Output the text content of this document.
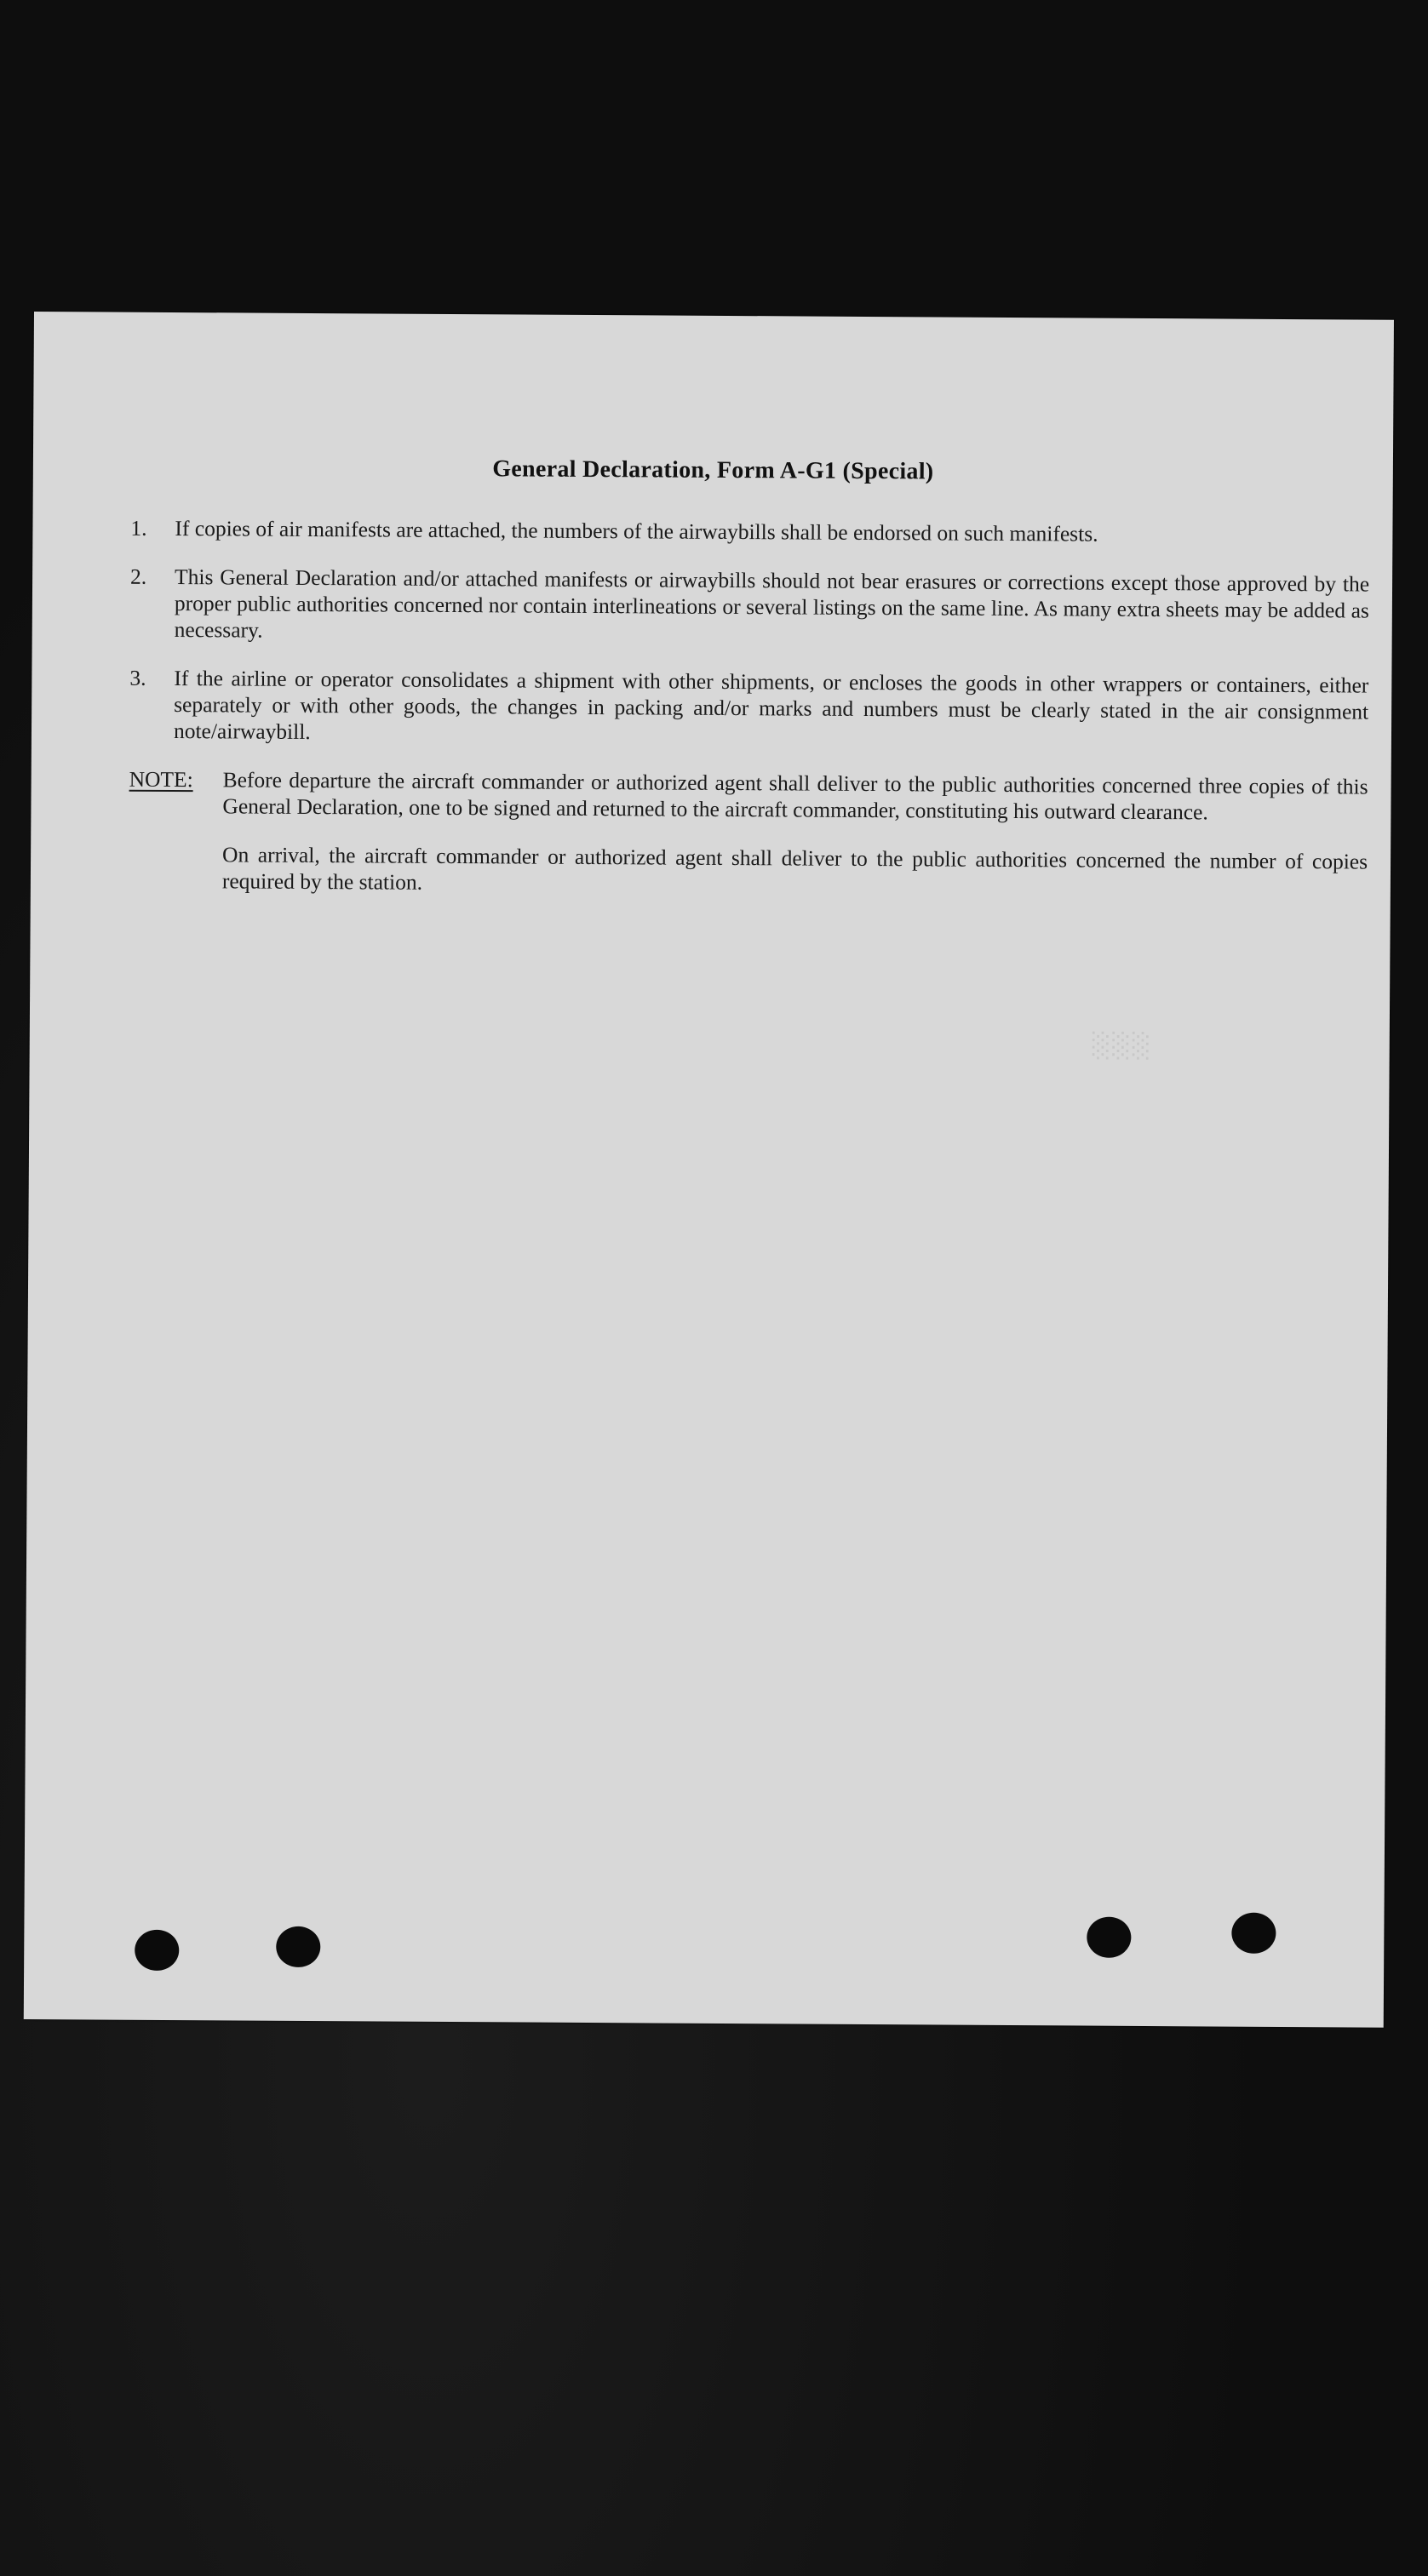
General Declaration, Form A-G1 (Special)
░░░
1.	If copies of air manifests are attached, the numbers of the airwaybills shall be endorsed on such manifests.
2.	This General Declaration and/or attached manifests or airwaybills should not bear erasures or corrections except those approved by the proper public authorities concerned nor contain interlineations or several listings on the same line. As many extra sheets may be added as necessary.
3.	If the airline or operator consolidates a shipment with other shipments, or encloses the goods in other wrappers or containers, either separately or with other goods, the changes in packing and/or marks and numbers must be clearly stated in the air consignment note/airwaybill.
NOTE:	Before departure the aircraft commander or authorized agent shall deliver to the public authorities concerned three copies of this General Declaration, one to be signed and returned to the aircraft commander, constituting his outward clearance.

On arrival, the aircraft commander or authorized agent shall deliver to the public authorities concerned the number of copies required by the station.
